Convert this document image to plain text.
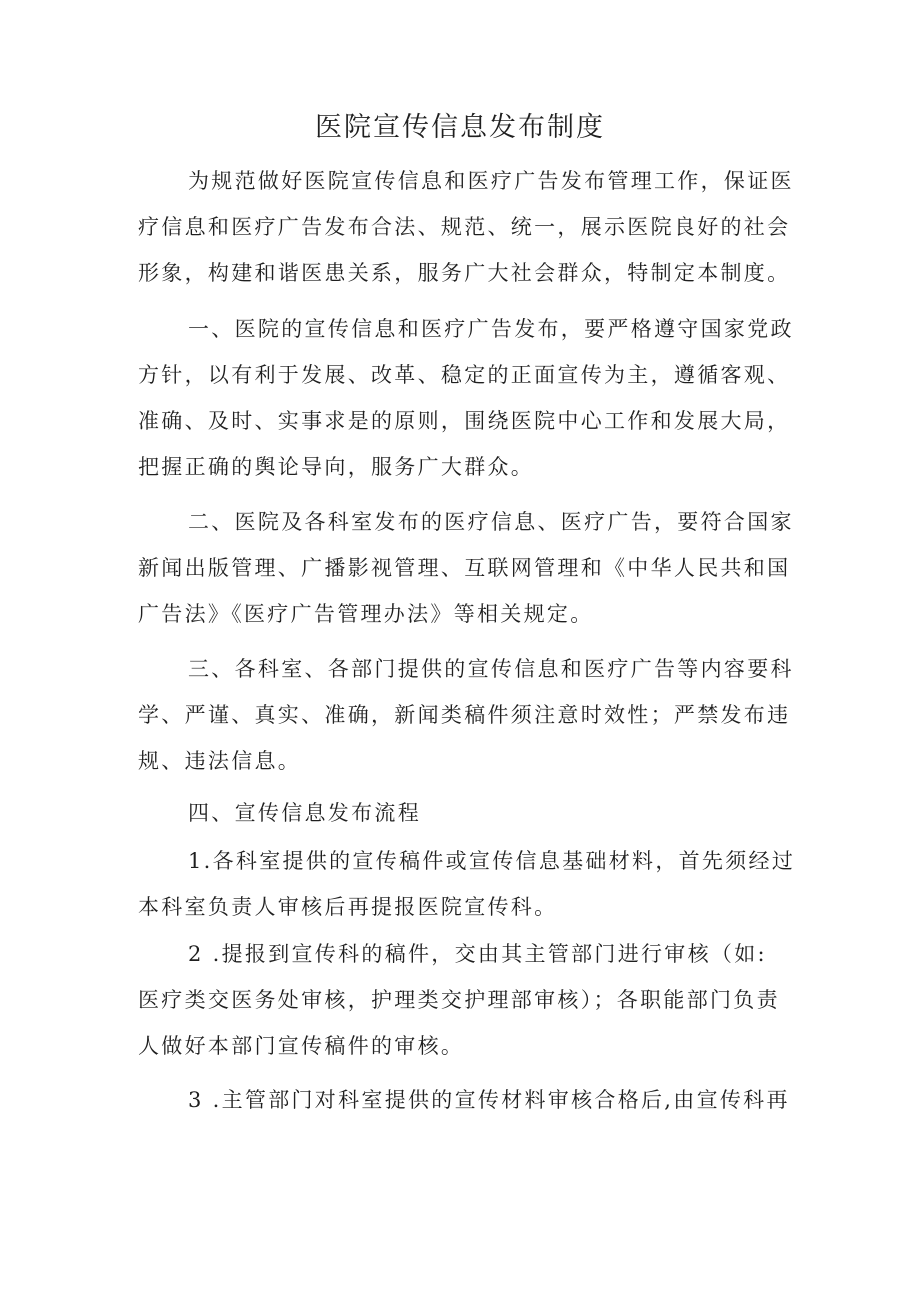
医院宣传信息发布制度
为规范做好医院宣传信息和医疗广告发布管理工作，保证医
疗信息和医疗广告发布合法、规范、统一，展示医院良好的社会
形象，构建和谐医患关系，服务广大社会群众，特制定本制度。
一、医院的宣传信息和医疗广告发布，要严格遵守国家党政
方针，以有利于发展、改革、稳定的正面宣传为主，遵循客观、
准确、及时、实事求是的原则，围绕医院中心工作和发展大局，
把握正确的舆论导向，服务广大群众。
二、医院及各科室发布的医疗信息、医疗广告，要符合国家
新闻出版管理、广播影视管理、互联网管理和《中华人民共和国
广告法》《医疗广告管理办法》等相关规定。
三、各科室、各部门提供的宣传信息和医疗广告等内容要科
学、严谨、真实、准确，新闻类稿件须注意时效性；严禁发布违
规、违法信息。
四、宣传信息发布流程
1.各科室提供的宣传稿件或宣传信息基础材料，首先须经过
本科室负责人审核后再提报医院宣传科。
2 .提报到宣传科的稿件，交由其主管部门进行审核（如:
医疗类交医务处审核，护理类交护理部审核）；各职能部门负责
人做好本部门宣传稿件的审核。
3 .主管部门对科室提供的宣传材料审核合格后,由宣传科再
